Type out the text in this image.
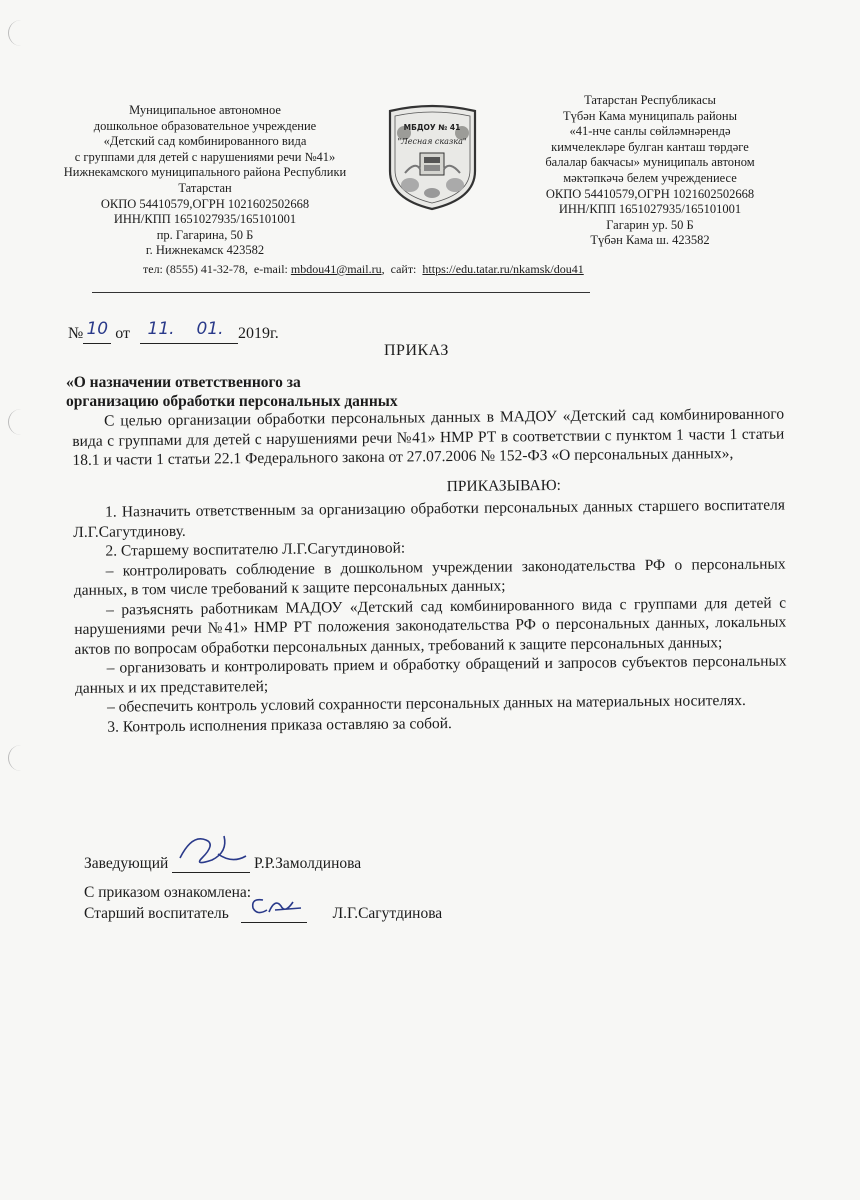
Муниципальное автономное
дошкольное образовательное учреждение
«Детский сад комбинированного вида
с группами для детей с нарушениями речи №41»
Нижнекамского муниципального района Республики
Татарстан
ОКПО 54410579,ОГРН 1021602502668
ИНН/КПП 1651027935/165101001
пр. Гагарина, 50 Б
г. Нижнекамск 423582
МБДОУ № 41
"Лесная сказка"
Татарстан Республикасы
Түбән Кама муниципаль районы
«41-нче санлы сөйләмнәрендә
кимчелекләре булган канташ төрдәге
балалар бакчасы» муниципаль автоном
мәктәпкәчә белем учреждениесе
ОКПО 54410579,ОГРН 1021602502668
ИНН/КПП 1651027935/165101001
Гагарин ур. 50 Б
Түбән Кама ш. 423582
тел: (8555) 41-32-78, e-mail: mbdou41@mail.ru,  сайт: https://edu.tatar.ru/nkamsk/dou41
№ 10 от 11. 01. 2019г.
ПРИКАЗ
«О назначении ответственного за
организацию обработки персональных данных

С целью организации обработки персональных данных в МАДОУ «Детский сад комбинированного вида с группами для детей с нарушениями речи №41» НМР РТ в соответствии с пунктом 1 части 1 статьи 18.1 и части 1 статьи 22.1 Федерального закона от 27.07.2006 № 152-ФЗ «О персональных данных»,

ПРИКАЗЫВАЮ:

1. Назначить ответственным за организацию обработки персональных данных старшего воспитателя Л.Г.Сагутдинову.

2. Старшему воспитателю Л.Г.Сагутдиновой:

– контролировать соблюдение в дошкольном учреждении законодательства РФ о персональных данных, в том числе требований к защите персональных данных;

– разъяснять работникам МАДОУ «Детский сад комбинированного вида с группами для детей с нарушениями речи №41» НМР РТ положения законодательства РФ о персональных данных, локальных актов по вопросам обработки персональных данных, требований к защите персональных данных;

– организовать и контролировать прием и обработку обращений и запросов субъектов персональных данных и их представителей;

– обеспечить контроль условий сохранности персональных данных на материальных носителях.

3. Контроль исполнения приказа оставляю за собой.

Заведующий	Р.Р.Замолдинова
С приказом ознакомлена:
Старший воспитатель	Л.Г.Сагутдинова
